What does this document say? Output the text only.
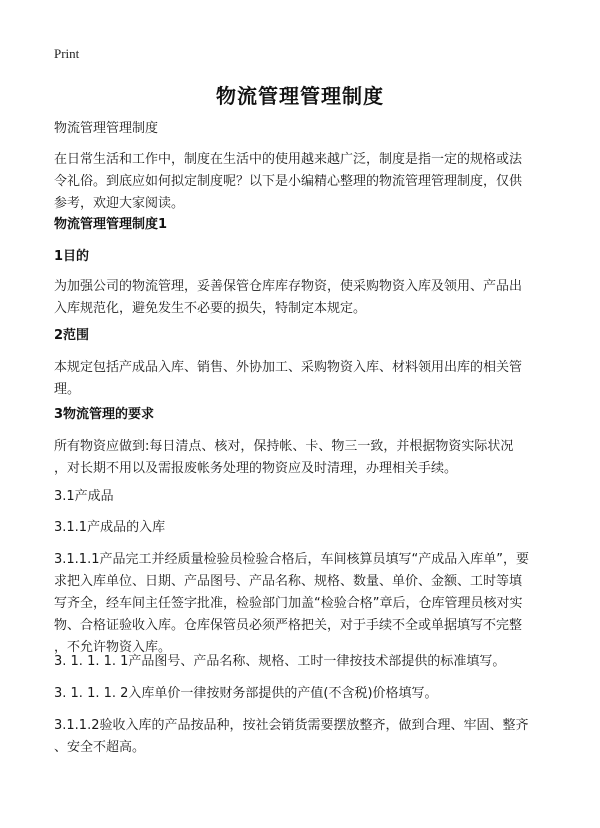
Print
物流管理管理制度
物流管理管理制度
在日常生活和工作中，制度在生活中的使用越来越广泛，制度是指一定的规格或法
令礼俗。到底应如何拟定制度呢？以下是小编精心整理的物流管理管理制度，仅供
参考，欢迎大家阅读。
物流管理管理制度1
1目的
为加强公司的物流管理，妥善保管仓库库存物资，使采购物资入库及领用、产品出
入库规范化，避免发生不必要的损失，特制定本规定。
2范围
本规定包括产成品入库、销售、外协加工、采购物资入库、材料领用出库的相关管
理。
3物流管理的要求
所有物资应做到:每日清点、核对，保持帐、卡、物三一致，并根据物资实际状况
，对长期不用以及需报废帐务处理的物资应及时清理，办理相关手续。
3.1产成品
3.1.1产成品的入库
3.1.1.1产品完工并经质量检验员检验合格后，车间核算员填写“产成品入库单”，要
求把入库单位、日期、产品图号、产品名称、规格、数量、单价、金额、工时等填
写齐全，经车间主任签字批准，检验部门加盖“检验合格”章后，仓库管理员核对实
物、合格证验收入库。仓库保管员必须严格把关，对于手续不全或单据填写不完整
，不允许物资入库。
3. 1. 1. 1. 1产品图号、产品名称、规格、工时一律按技术部提供的标准填写。
3. 1. 1. 1. 2入库单价一律按财务部提供的产值(不含税)价格填写。
3.1.1.2验收入库的产品按品种，按社会销货需要摆放整齐，做到合理、牢固、整齐
、安全不超高。
